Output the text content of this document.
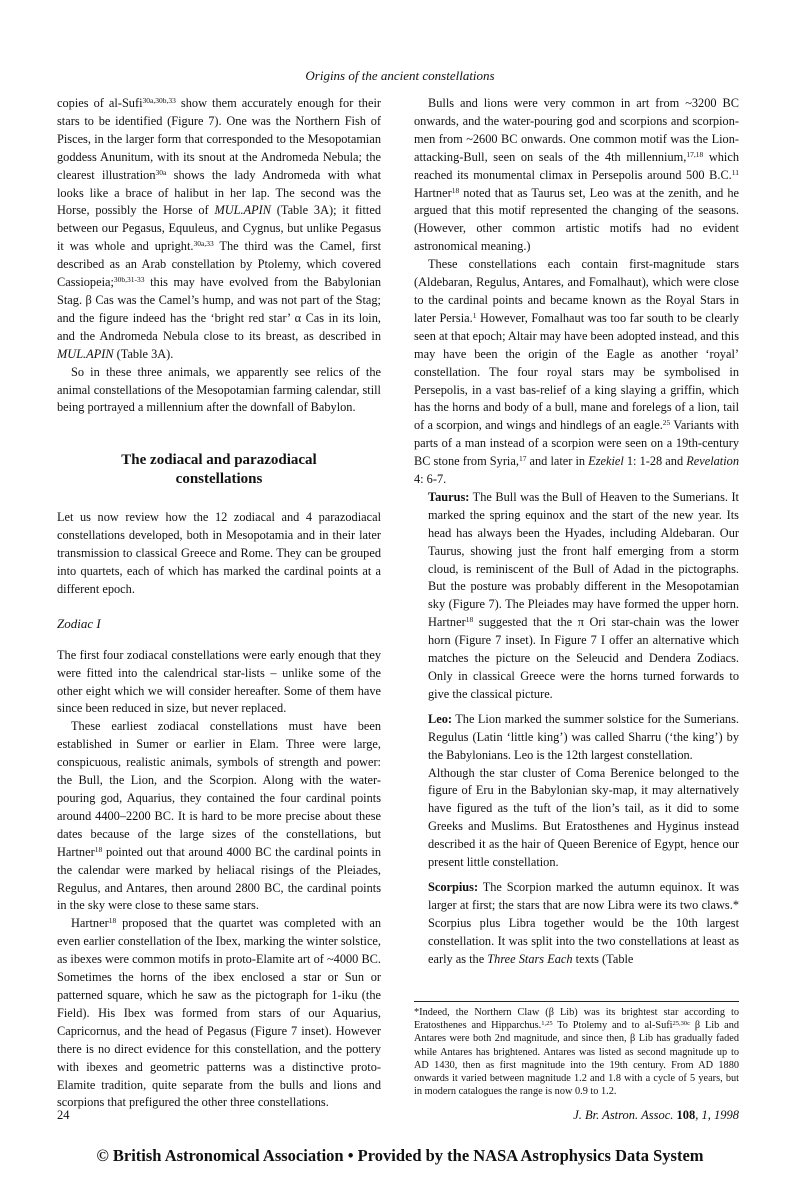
Origins of the ancient constellations

copies of al-Sufi$^{30a,30b,33}$ show them accurately enough for their stars to be identified (Figure 7). One was the Northern Fish of Pisces, in the larger form that corresponded to the Mesopotamian goddess Anunitum, with its snout at the Andromeda Nebula; the clearest illustration$^{30a}$ shows the lady Andromeda with what looks like a brace of halibut in her lap. The second was the Horse, possibly the Horse of MUL.APIN (Table 3A); it fitted between our Pegasus, Equuleus, and Cygnus, but unlike Pegasus it was whole and upright.$^{30a,33}$ The third was the Camel, first described as an Arab constellation by Ptolemy, which covered Cassiopeia;$^{30b,31-33}$ this may have evolved from the Babylonian Stag. β Cas was the Camel’s hump, and was not part of the Stag; and the figure indeed has the ‘bright red star’ α Cas in its loin, and the Andromeda Nebula close to its breast, as described in MUL.APIN (Table 3A).

So in these three animals, we apparently see relics of the animal constellations of the Mesopotamian farming calendar, still being portrayed a millennium after the downfall of Babylon.

The zodiacal and parazodiacal
constellations

Let us now review how the 12 zodiacal and 4 parazodiacal constellations developed, both in Mesopotamia and in their later transmission to classical Greece and Rome. They can be grouped into quartets, each of which has marked the cardinal points at a different epoch.

Zodiac I

The first four zodiacal constellations were early enough that they were fitted into the calendrical star-lists – unlike some of the other eight which we will consider hereafter. Some of them have since been reduced in size, but never replaced.

These earliest zodiacal constellations must have been established in Sumer or earlier in Elam. Three were large, conspicuous, realistic animals, symbols of strength and power: the Bull, the Lion, and the Scorpion. Along with the water-pouring god, Aquarius, they contained the four cardinal points around 4400–2200 BC. It is hard to be more precise about these dates because of the large sizes of the constellations, but Hartner$^{18}$ pointed out that around 4000 BC the cardinal points in the calendar were marked by heliacal risings of the Pleiades, Regulus, and Antares, then around 2800 BC, the cardinal points in the sky were close to these same stars.

Hartner$^{18}$ proposed that the quartet was completed with an even earlier constellation of the Ibex, marking the winter solstice, as ibexes were common motifs in proto-Elamite art of ~4000 BC. Sometimes the horns of the ibex enclosed a star or Sun or patterned square, which he saw as the pictograph for 1-iku (the Field). His Ibex was formed from stars of our Aquarius, Capricornus, and the head of Pegasus (Figure 7 inset). However there is no direct evidence for this constellation, and the pottery with ibexes and geometric patterns was a distinctive proto-Elamite tradition, quite separate from the bulls and lions and scorpions that prefigured the other three constellations.

Bulls and lions were very common in art from ~3200 BC onwards, and the water-pouring god and scorpions and scorpion-men from ~2600 BC onwards. One common motif was the Lion-attacking-Bull, seen on seals of the 4th millennium,$^{17,18}$ which reached its monumental climax in Persepolis around 500 B.C.$^{11}$ Hartner$^{18}$ noted that as Taurus set, Leo was at the zenith, and he argued that this motif represented the changing of the seasons. (However, other common artistic motifs had no evident astronomical meaning.)

These constellations each contain first-magnitude stars (Aldebaran, Regulus, Antares, and Fomalhaut), which were close to the cardinal points and became known as the Royal Stars in later Persia.$^1$ However, Fomalhaut was too far south to be clearly seen at that epoch; Altair may have been adopted instead, and this may have been the origin of the Eagle as another ‘royal’ constellation. The four royal stars may be symbolised in Persepolis, in a vast bas-relief of a king slaying a griffin, which has the horns and body of a bull, mane and forelegs of a lion, tail of a scorpion, and wings and hindlegs of an eagle.$^{25}$ Variants with parts of a man instead of a scorpion were seen on a 19th-century BC stone from Syria,$^{17}$ and later in Ezekiel 1: 1-28 and Revelation 4: 6-7.

Taurus: The Bull was the Bull of Heaven to the Sumerians. It marked the spring equinox and the start of the new year. Its head has always been the Hyades, including Aldebaran. Our Taurus, showing just the front half emerging from a storm cloud, is reminiscent of the Bull of Adad in the pictographs. But the posture was probably different in the Mesopotamian sky (Figure 7). The Pleiades may have formed the upper horn. Hartner$^{18}$ suggested that the π Ori star-chain was the lower horn (Figure 7 inset). In Figure 7 I offer an alternative which matches the picture on the Seleucid and Dendera Zodiacs. Only in classical Greece were the horns turned forwards to give the classical picture.

Leo: The Lion marked the summer solstice for the Sumerians. Regulus (Latin ‘little king’) was called Sharru (‘the king’) by the Babylonians. Leo is the 12th largest constellation.

Although the star cluster of Coma Berenice belonged to the figure of Eru in the Babylonian sky-map, it may alternatively have figured as the tuft of the lion’s tail, as it did to some Greeks and Muslims. But Eratosthenes and Hyginus instead described it as the hair of Queen Berenice of Egypt, hence our present little constellation.

Scorpius: The Scorpion marked the autumn equinox. It was larger at first; the stars that are now Libra were its two claws.* Scorpius plus Libra together would be the 10th largest constellation. It was split into the two constellations at least as early as the Three Stars Each texts (Table

*Indeed, the Northern Claw (β Lib) was its brightest star according to Eratosthenes and Hipparchus.$^{1,25}$ To Ptolemy and to al-Sufi$^{25,30c}$ β Lib and Antares were both 2nd magnitude, and since then, β Lib has gradually faded while Antares has brightened. Antares was listed as second magnitude up to AD 1430, then as first magnitude into the 19th century. From AD 1880 onwards it varied between magnitude 1.2 and 1.8 with a cycle of 5 years, but in modern catalogues the range is now 0.9 to 1.2.
24	J. Br. Astron. Assoc. 108, 1, 1998
© British Astronomical Association • Provided by the NASA Astrophysics Data System
